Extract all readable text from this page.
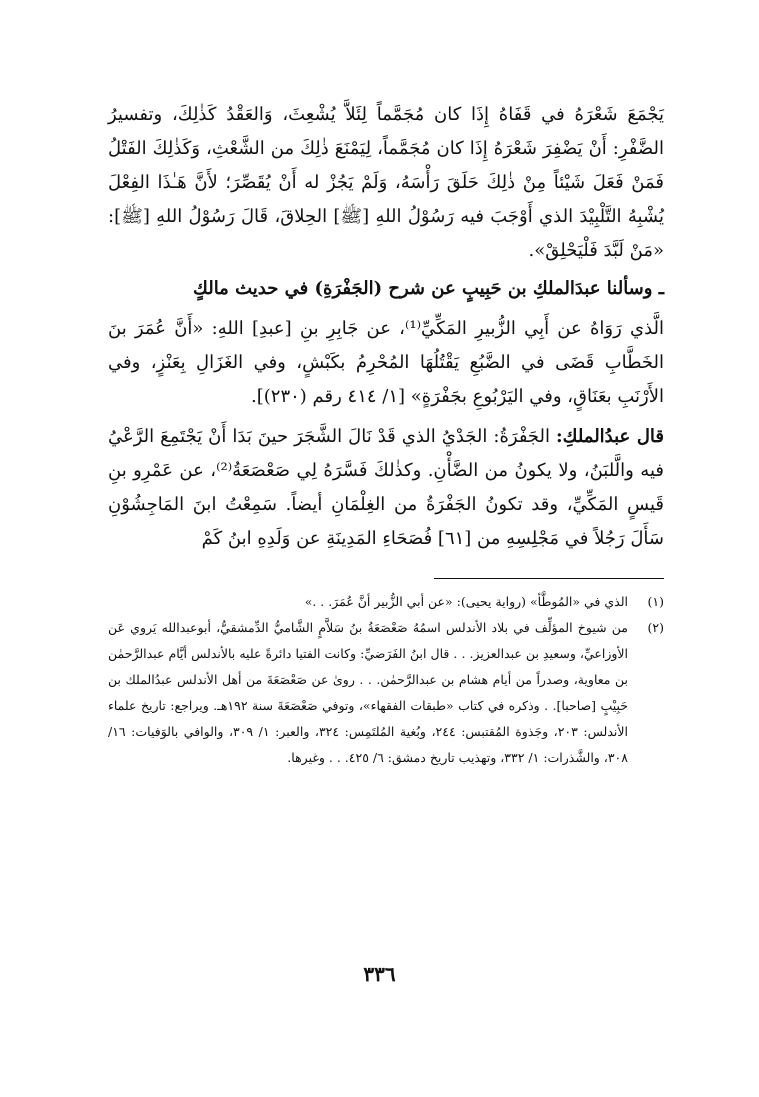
يَجْمَعَ شَعْرَهُ في قَفَاهُ إِذَا كان مُجَمَّماً لِئَلاَّ يُشْعِثَ، وَالعَقْدُ كَذٰلِكَ، وتفسيرُ الضَّفْرِ: أَنْ يَضْفِرَ شَعْرَهُ إِذَا كان مُجَمَّماً، لِيَمْنَعَ ذٰلِكَ من الشَّعْثِ، وَكَذٰلِكَ الفَتْلُ فَمَنْ فَعَلَ شَيْئاً مِنْ ذٰلِكَ حَلَقَ رَأْسَهُ، وَلَمْ يَجُزْ له أَنْ يُقَصِّرَ؛ لأَنَّ هَـٰذَا الفِعْلَ يُشْبِهُ التَّلْبِيْدَ الذي أَوْجَبَ فيه رَسُوْلُ اللهِ [ﷺ] الحِلاقَ، قَالَ رَسُوْلُ اللهِ [ﷺ]: «مَنْ لَبَّدَ فَلْيَحْلِقْ».

ـ وسألنا عبدَالملكِ بن حَبِيبٍ عن شرح (الجَفْرَةِ) في حديث مالكٍ

الَّذي رَوَاهُ عن أَبِي الزُّبيرِ المَكِّيِّ⁽¹⁾، عن جَابِرِ بنِ [عبدِ] اللهِ: «أَنَّ عُمَرَ بنَ الخَطَّابِ قَضَى في الضَّبُعِ يَقْتُلُهَا المُحْرِمُ بكَبْشٍ، وفي الغَزَالِ بِعَنْزٍ، وفي الأَرْنَبِ بعَنَاقٍ، وفي اليَرْبُوعِ بجَفْرَةٍ» [١/ ٤١٤ رقم (٢٣٠)].

قال عبدُالملكِ: الجَفْرَةُ: الجَدْيُ الذي قَدْ نَالَ الشَّجَرَ حينَ بَدَا أَنْ يَجْتَمِعَ الرَّعْيُ فيه والَّلبَنُ، ولا يكونُ من الضَّأْنِ. وكذٰلكَ فَسَّرَهُ لِي صَعْصَعَةُ⁽²⁾، عن عَمْرِو بنِ قَيسٍ المَكِّيِّ، وقد تكونُ الجَفْرَةُ من الغِلْمَانِ أيضاً. سَمِعْتُ ابنَ المَاجِشُوْنِ سَأَلَ رَجُلاً في مَجْلِسِهِ من [٦١] فُصَحَاءِ المَدِينَةِ عن وَلَدِهِ ابنُ كَمْ

(١)
الذي في «المُوطَّأ» (رواية يحيى): «عن أبي الزُّبير أنَّ عُمَرَ. . .»
(٢)
من شيوخ المؤلِّف في بلاد الأندلس اسمُهُ صَعْصَعَةُ بنُ سَلاَّمٍ الشَّاميُّ الدِّمشقيُّ، أبوعبدالله يَروي عَن الأوزاعيِّ، وسعيدِ بن عبدالعزيز. . . قال ابنُ الفَرَضيِّ: وكانت الفتيا دائرةً عليه بالأندلس أيَّام عبدالرَّحمٰن بن معاوية، وصدراً من أيام هشام بن عبدالرَّحمٰن. . . روىٰ عن صَعْصَعَةَ من أهل الأندلس عبدُالملك بن حَبِيْبٍ [صاحبا]. . وذكره في كتاب «طبقات الفقهاء»، وتوفي صَعْصَعَةَ سنة ١٩٢هـ. ويراجع: تاريخ علماء الأندلس: ٢٠٣، وجَذوة المُقتبس: ٢٤٤، وبُغية المُلتَمِس: ٣٢٤، والعبر: ١/ ٣٠٩، والوافي بالوَفيات: ١٦/ ٣٠٨، والشَّذرات: ١/ ٣٣٢، وتهذيب تاريخ دمشق: ٦/ ٤٢٥. . . وغيرها.
٣٣٦
